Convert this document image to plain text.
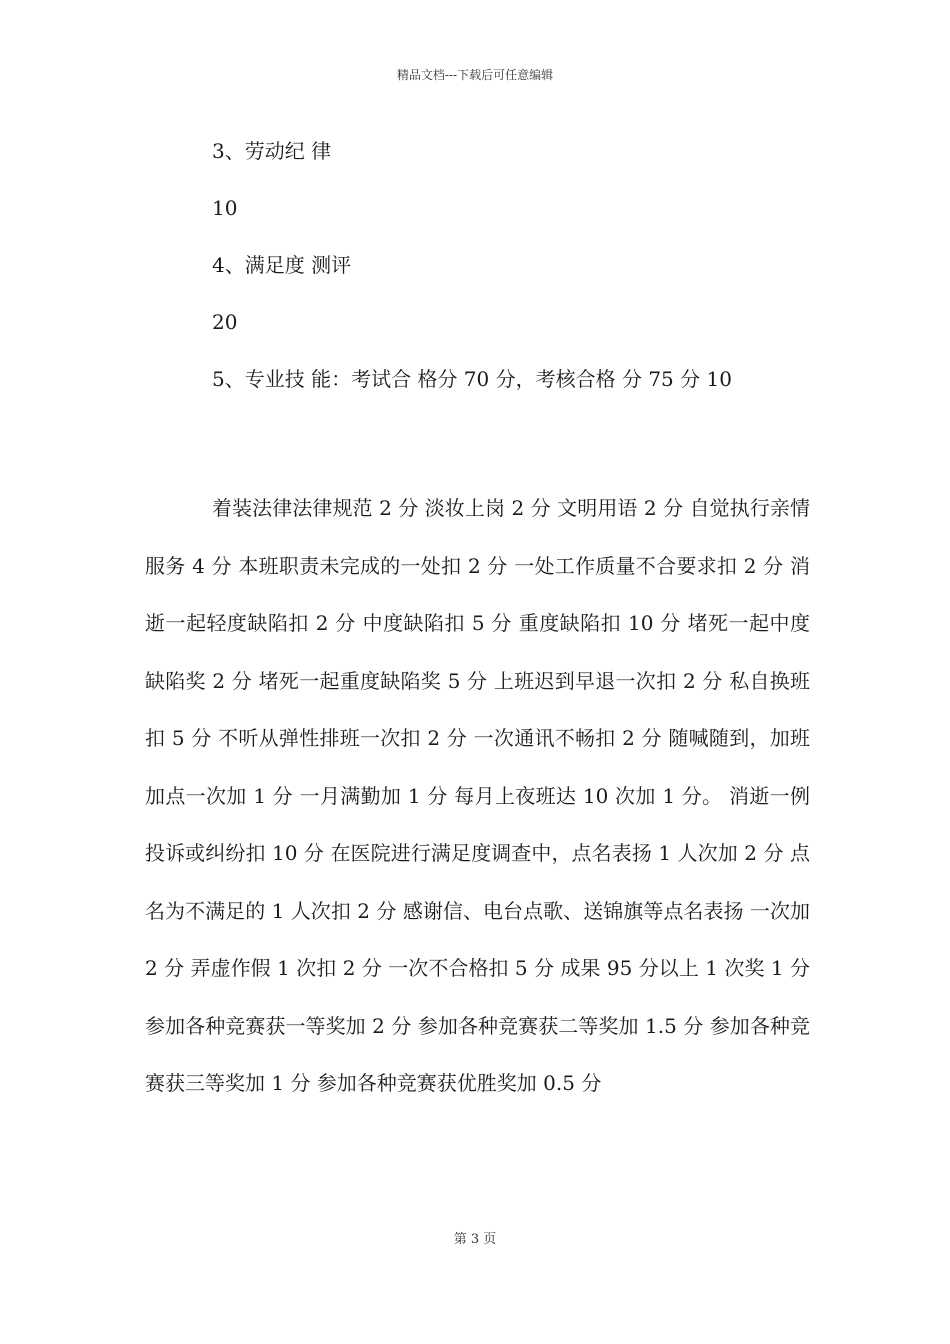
精品文档---下载后可任意编辑
3、劳动纪 律
10
4、满足度 测评
20
5、专业技 能：考试合 格分 70 分，考核合格 分 75 分 10

着装法律法律规范 2 分 淡妆上岗 2 分 文明用语 2 分 自觉执行亲情服务 4 分 本班职责未完成的一处扣 2 分 一处工作质量不合要求扣 2 分 消逝一起轻度缺陷扣 2 分 中度缺陷扣 5 分 重度缺陷扣 10 分 堵死一起中度缺陷奖 2 分 堵死一起重度缺陷奖 5 分 上班迟到早退一次扣 2 分 私自换班扣 5 分 不听从弹性排班一次扣 2 分 一次通讯不畅扣 2 分 随喊随到，加班加点一次加 1 分 一月满勤加 1 分 每月上夜班达 10 次加 1 分。 消逝一例投诉或纠纷扣 10 分 在医院进行满足度调查中，点名表扬 1 人次加 2 分 点名为不满足的 1 人次扣 2 分 感谢信、电台点歌、送锦旗等点名表扬 一次加 2 分 弄虚作假 1 次扣 2 分 一次不合格扣 5 分 成果 95 分以上 1 次奖 1 分 参加各种竞赛获一等奖加 2 分 参加各种竞赛获二等奖加 1.5 分 参加各种竞赛获三等奖加 1 分 参加各种竞赛获优胜奖加 0.5 分

第 3 页
